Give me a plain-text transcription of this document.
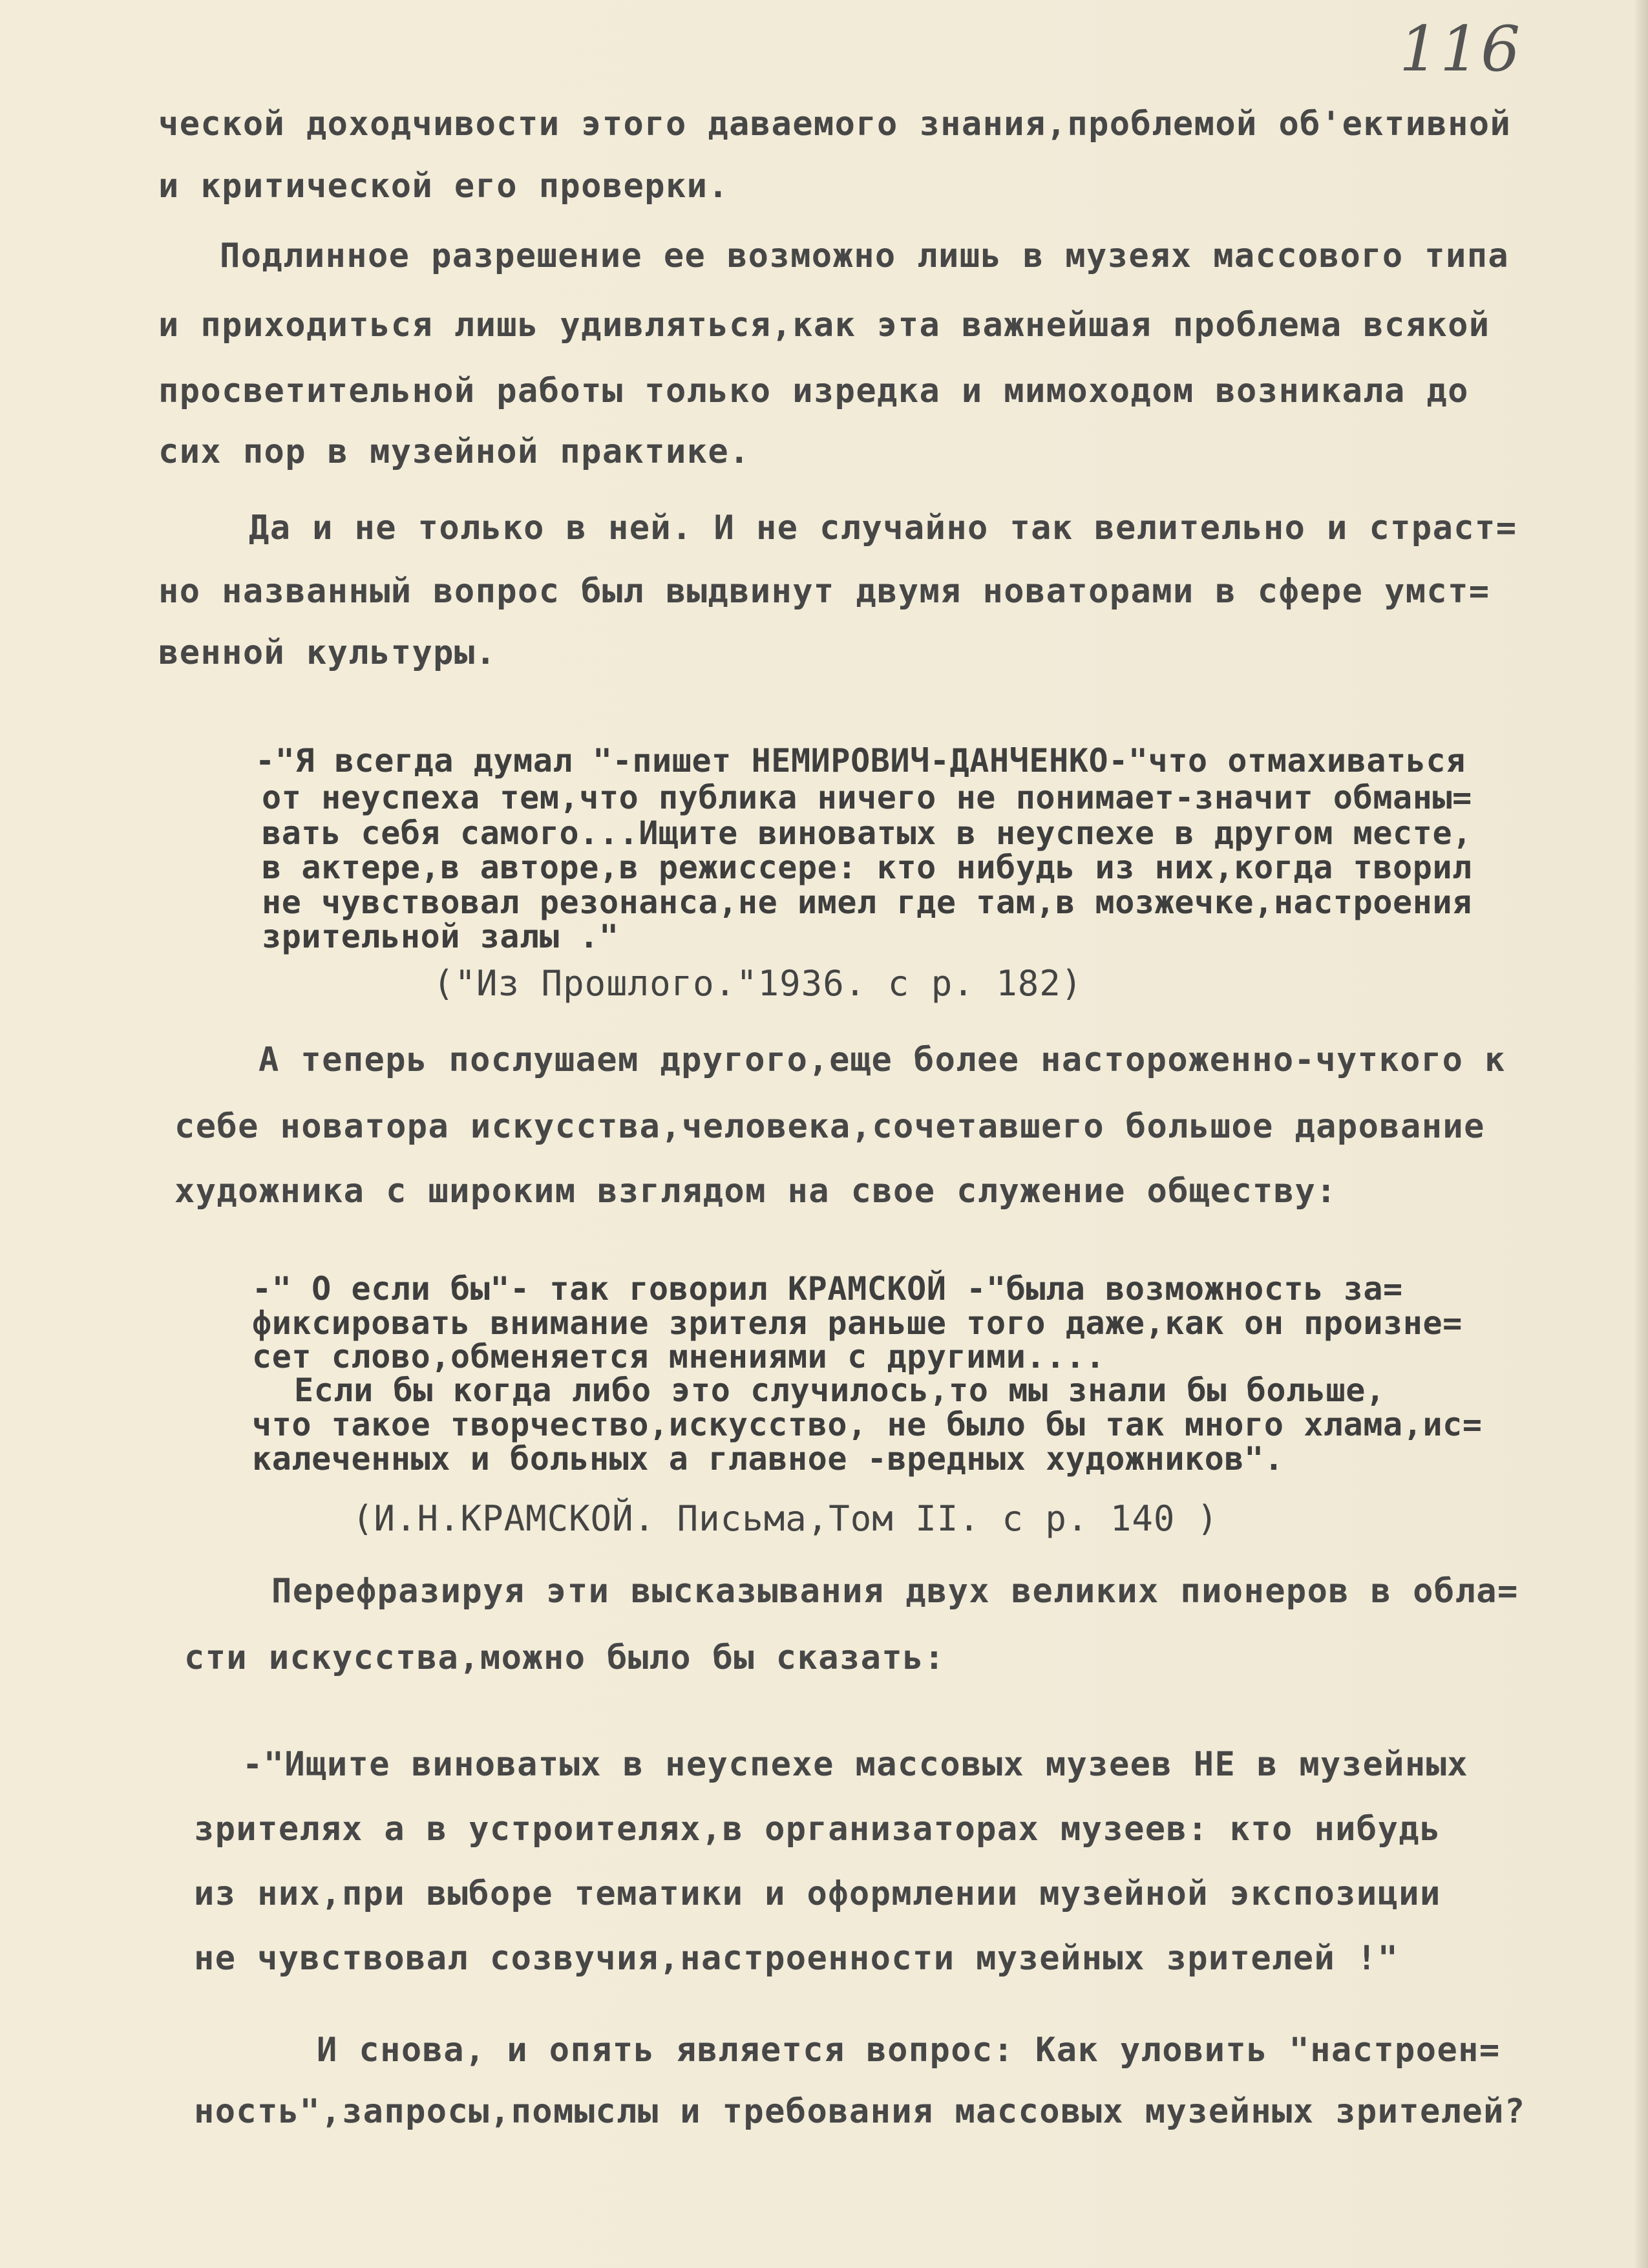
116

ческой доходчивости этого даваемого знания,проблемой об'ективной

и критической его проверки.

Подлинное разрешение ее возможно лишь в музеях массового типа

и приходиться лишь удивляться,как эта важнейшая проблема всякой

просветительной работы только изредка и мимоходом возникала до

сих пор в музейной практике.

Да и не только в ней. И не случайно так велительно и страст=

но названный вопрос был выдвинут двумя новаторами в сфере умст=

венной культуры.

-"Я всегда думал "-пишет НЕМИРОВИЧ-ДАНЧЕНКО-"что отмахиваться

от неуспеха тем,что публика ничего не понимает-значит обманы=

вать себя самого...Ищите виноватых в неуспехе в другом месте,

в актере,в авторе,в режиссере: кто нибудь из них,когда творил

не чувствовал резонанса,не имел где там,в мозжечке,настроения

зрительной залы ."

("Из Прошлого."1936. с р. 182)

А теперь послушаем другого,еще более настороженно-чуткого к

себе новатора искусства,человека,сочетавшего большое дарование

художника с широким взглядом на свое служение обществу:

-" О если бы"- так говорил КРАМСКОЙ -"была возможность за=

фиксировать внимание зрителя раньше того даже,как он произне=

сет слово,обменяется мнениями с другими....

Если бы когда либо это случилось,то мы знали бы больше,

что такое творчество,искусство, не было бы так много хлама,ис=

калеченных и больных а главное -вредных художников".

(И.Н.КРАМСКОЙ. Письма,Том II. с р. 140 )

Перефразируя эти высказывания двух великих пионеров в обла=

сти искусства,можно было бы сказать:

-"Ищите виноватых в неуспехе массовых музеев НЕ в музейных

зрителях а в устроителях,в организаторах музеев: кто нибудь

из них,при выборе тематики и оформлении музейной экспозиции

не чувствовал созвучия,настроенности музейных зрителей !"

И снова, и опять является вопрос: Как уловить "настроен=

ность",запросы,помыслы и требования массовых музейных зрителей?
